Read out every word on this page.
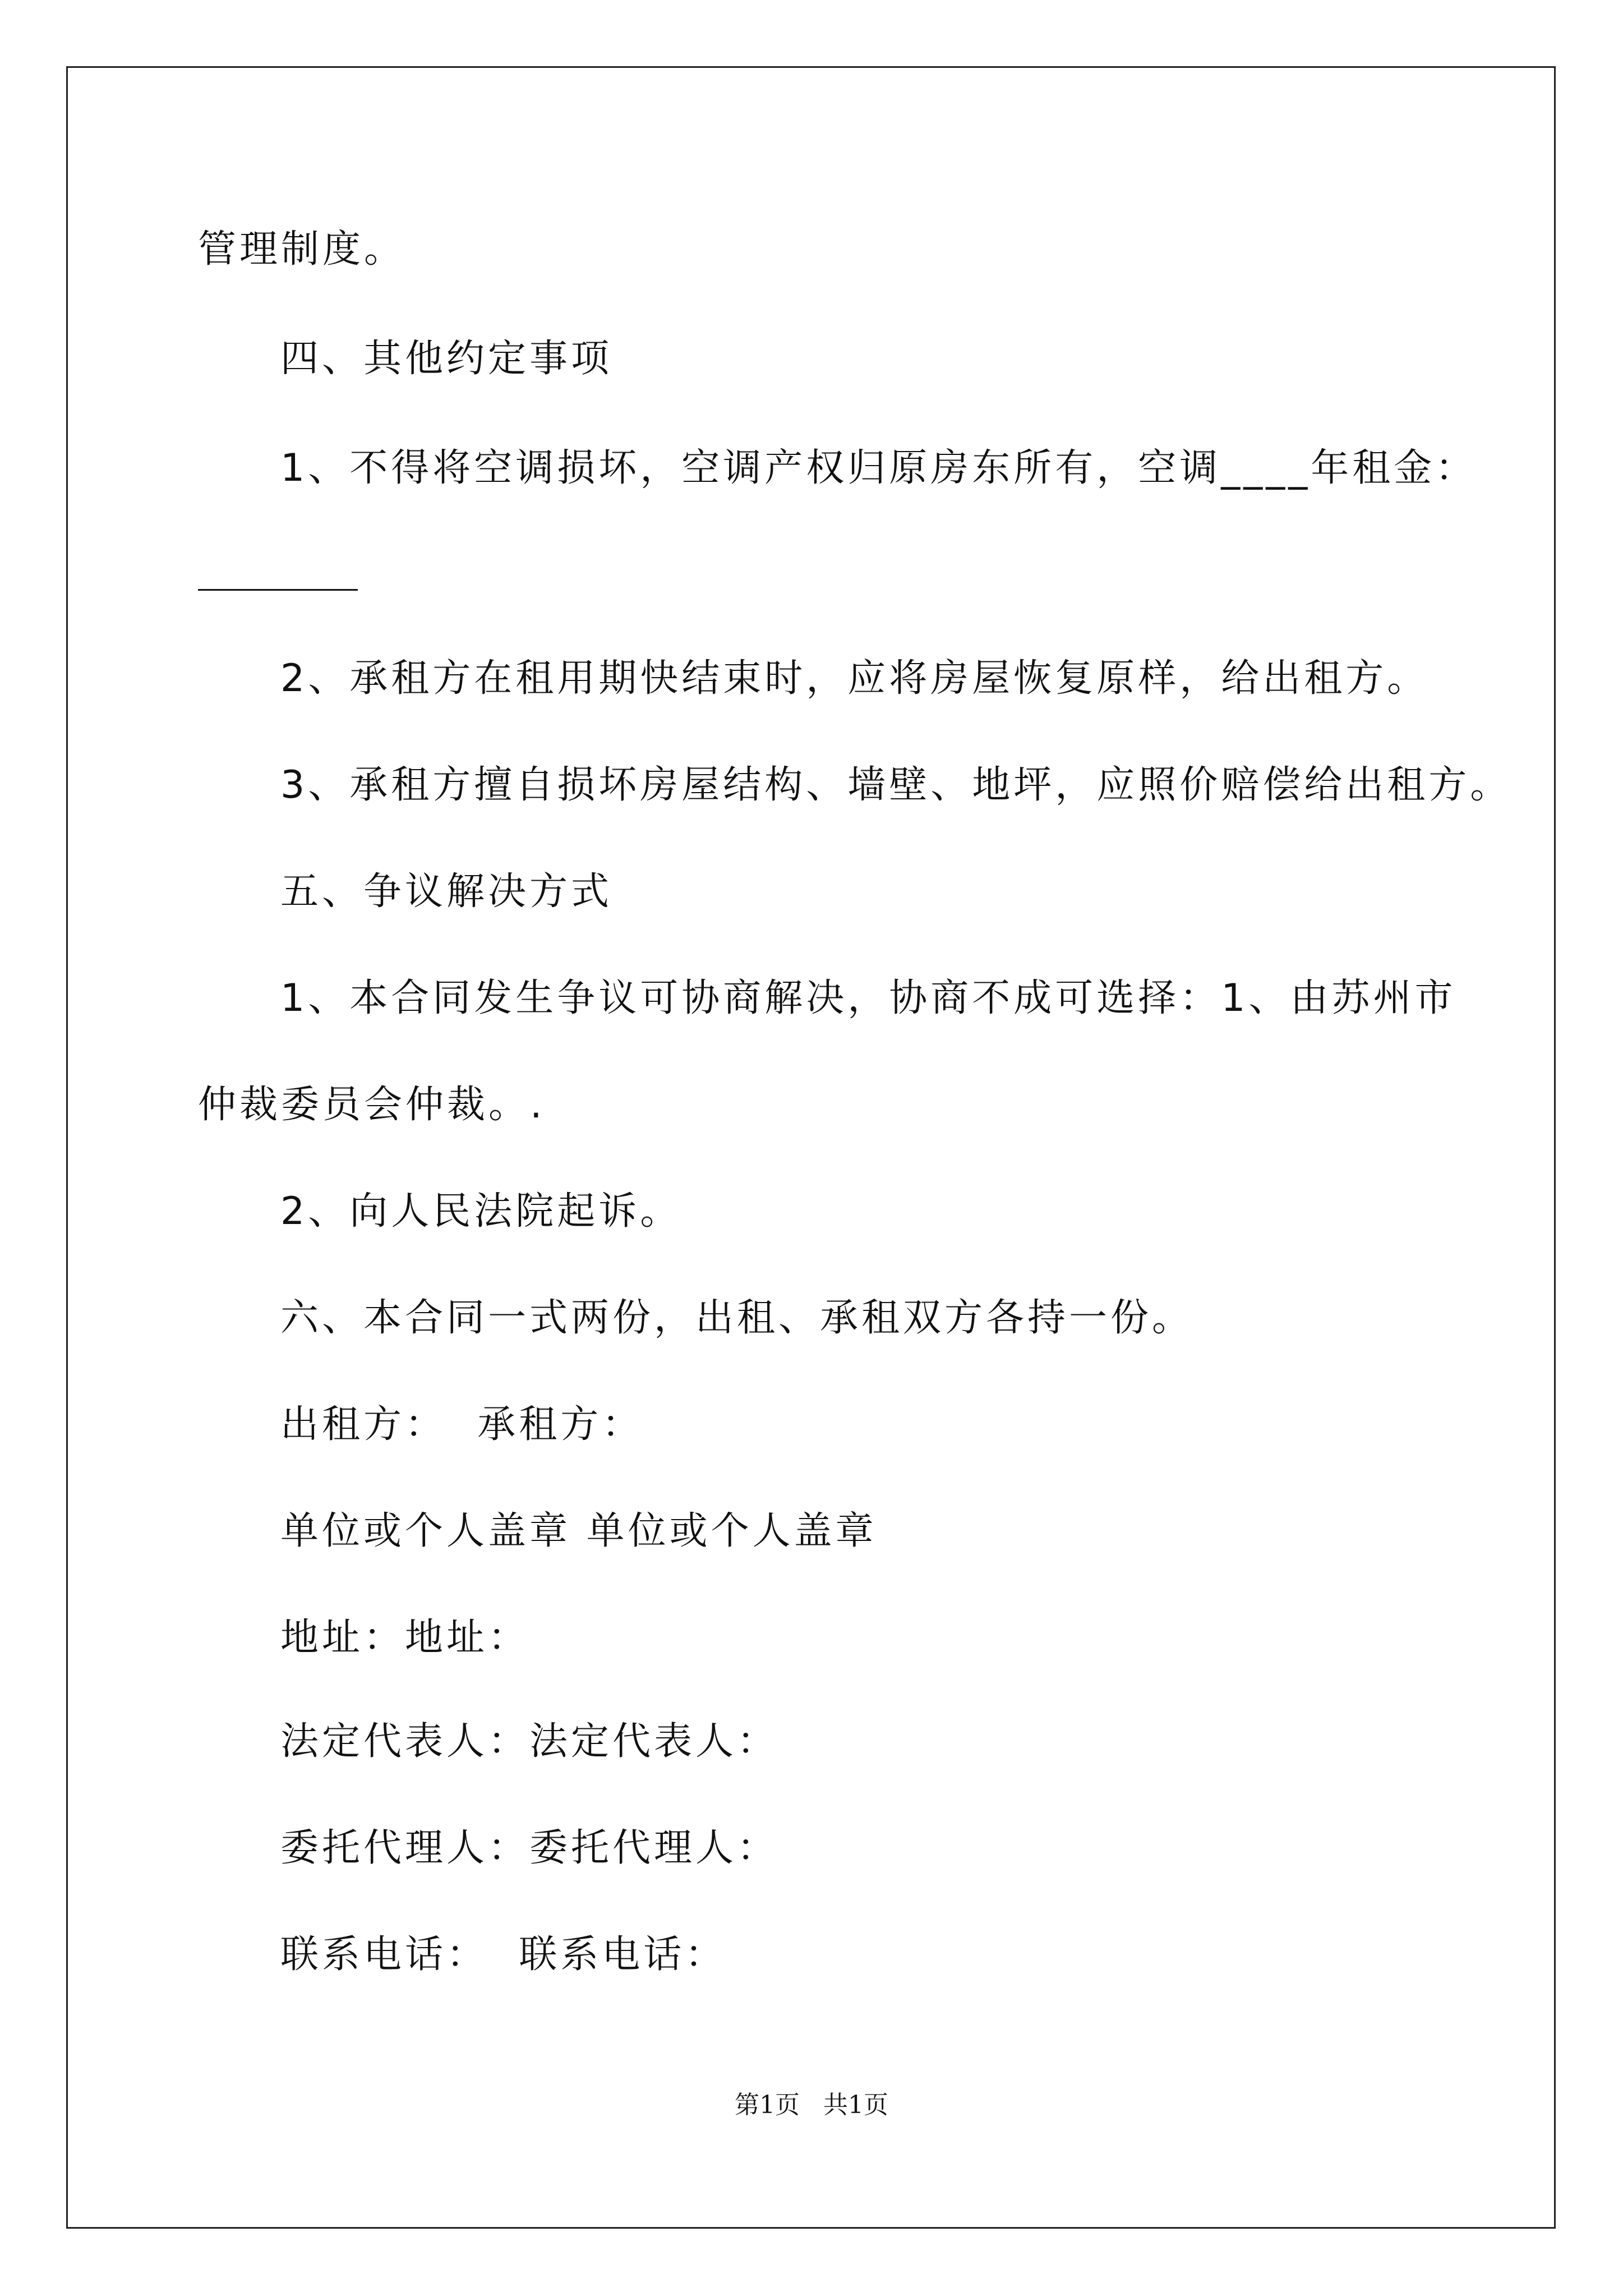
管理制度。
四、其他约定事项
1、不得将空调损坏，空调产权归原房东所有，空调____年租金：
2、承租方在租用期快结束时，应将房屋恢复原样，给出租方。
3、承租方擅自损坏房屋结构、墙壁、地坪，应照价赔偿给出租方。
五、争议解决方式
1、本合同发生争议可协商解决，协商不成可选择：1、由苏州市
仲裁委员会仲裁。.
2、向人民法院起诉。
六、本合同一式两份，出租、承租双方各持一份。
出租方：  承租方：
单位或个人盖章 单位或个人盖章
地址：地址：
法定代表人：法定代表人：
委托代理人：委托代理人：
联系电话：  联系电话：
第1页   共1页
